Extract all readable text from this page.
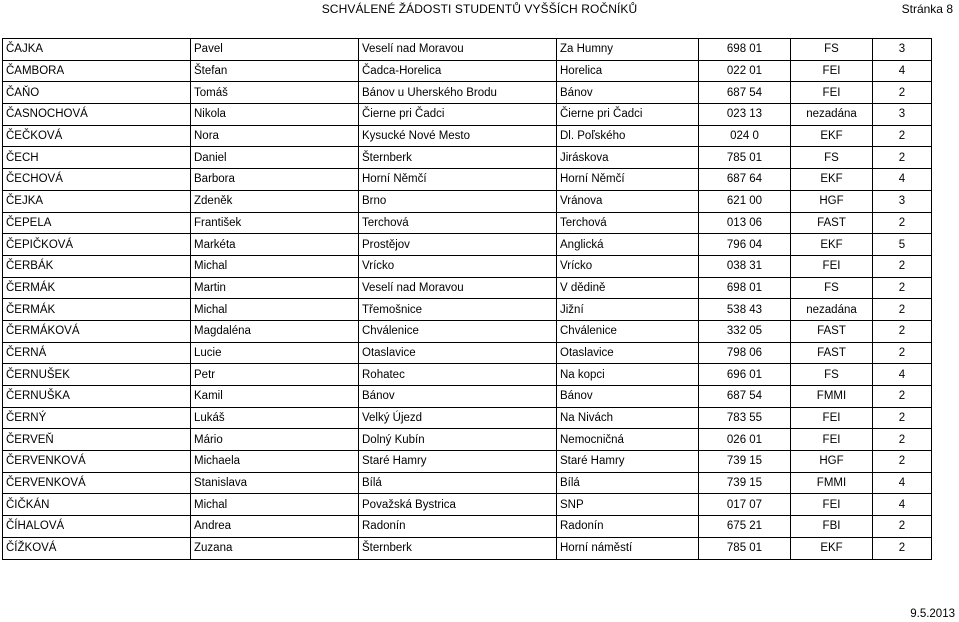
SCHVÁLENÉ ŽÁDOSTI STUDENTŮ VYŠŠÍCH ROČNÍKŮ	Stránka 8
ČAJKA	Pavel	Veselí nad Moravou	Za Humny	698 01	FS	3
ČAMBORA	Štefan	Čadca-Horelica	Horelica	022 01	FEI	4
ČAŇO	Tomáš	Bánov u Uherského Brodu	Bánov	687 54	FEI	2
ČASNOCHOVÁ	Nikola	Čierne pri Čadci	Čierne pri Čadci	023 13	nezadána	3
ČEČKOVÁ	Nora	Kysucké Nové Mesto	Dl. Poľského	024 0	EKF	2
ČECH	Daniel	Šternberk	Jiráskova	785 01	FS	2
ČECHOVÁ	Barbora	Horní Němčí	Horní Němčí	687 64	EKF	4
ČEJKA	Zdeněk	Brno	Vránova	621 00	HGF	3
ČEPELA	František	Terchová	Terchová	013 06	FAST	2
ČEPIČKOVÁ	Markéta	Prostějov	Anglická	796 04	EKF	5
ČERBÁK	Michal	Vrícko	Vrícko	038 31	FEI	2
ČERMÁK	Martin	Veselí nad Moravou	V dědině	698 01	FS	2
ČERMÁK	Michal	Třemošnice	Jižní	538 43	nezadána	2
ČERMÁKOVÁ	Magdaléna	Chválenice	Chválenice	332 05	FAST	2
ČERNÁ	Lucie	Otaslavice	Otaslavice	798 06	FAST	2
ČERNUŠEK	Petr	Rohatec	Na kopci	696 01	FS	4
ČERNUŠKA	Kamil	Bánov	Bánov	687 54	FMMI	2
ČERNÝ	Lukáš	Velký Újezd	Na Nivách	783 55	FEI	2
ČERVEŇ	Mário	Dolný Kubín	Nemocničná	026 01	FEI	2
ČERVENKOVÁ	Michaela	Staré Hamry	Staré Hamry	739 15	HGF	2
ČERVENKOVÁ	Stanislava	Bílá	Bílá	739 15	FMMI	4
ČIČKÁN	Michal	Považská Bystrica	SNP	017 07	FEI	4
ČÍHALOVÁ	Andrea	Radonín	Radonín	675 21	FBI	2
ČÍŽKOVÁ	Zuzana	Šternberk	Horní náměstí	785 01	EKF	2
9.5.2013
